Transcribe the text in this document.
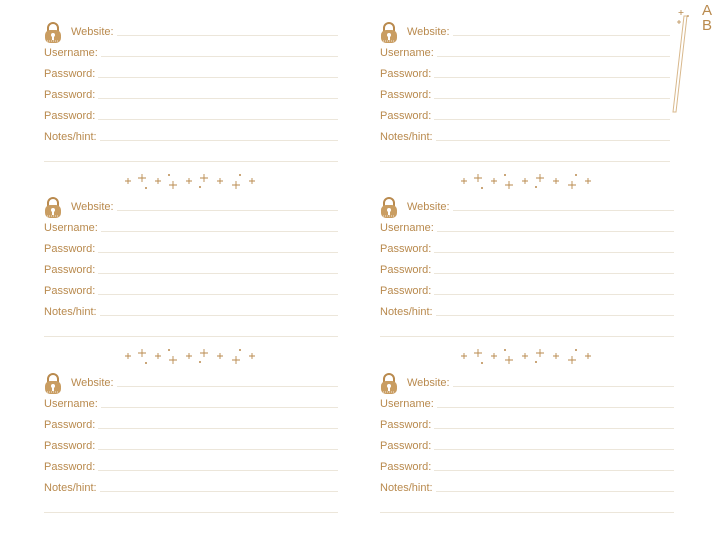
Website:
Username:
Password:
Password:
Password:
Notes/hint:
Website:
Username:
Password:
Password:
Password:
Notes/hint:
Website:
Username:
Password:
Password:
Password:
Notes/hint:
Website:
Username:
Password:
Password:
Password:
Notes/hint:
Website:
Username:
Password:
Password:
Password:
Notes/hint:
Website:
Username:
Password:
Password:
Password:
Notes/hint:
A
B
